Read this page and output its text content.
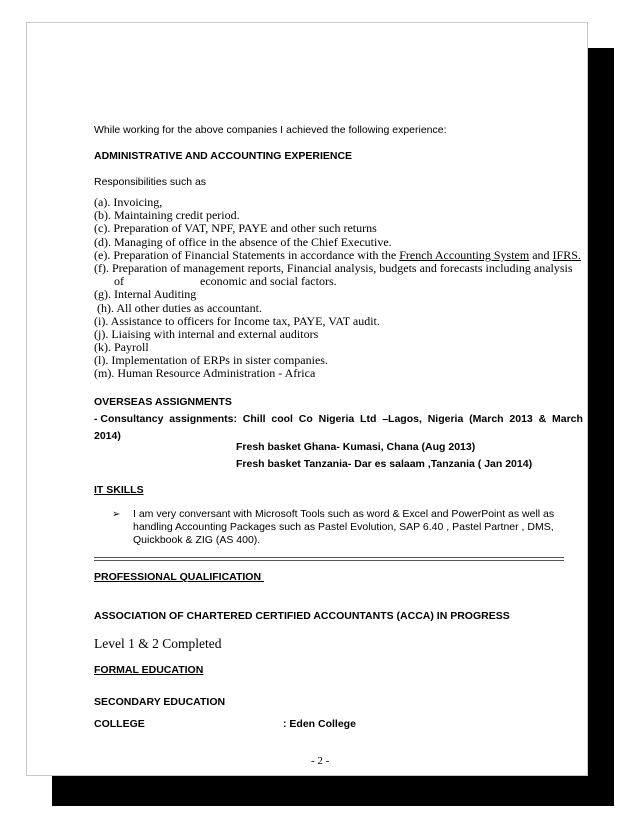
While working for the above companies I achieved the following experience:
ADMINISTRATIVE AND ACCOUNTING EXPERIENCE
Responsibilities such as
(a). Invoicing,
(b). Maintaining credit period.
(c). Preparation of VAT, NPF, PAYE and other such returns
(d). Managing of office in the absence of the Chief Executive.
(e). Preparation of Financial Statements in accordance with the French Accounting System and IFRS.
(f). Preparation of management reports, Financial analysis, budgets and forecasts including analysis
of	economic and social factors.
(g). Internal Auditing
(h). All other duties as accountant.
(i). Assistance to officers for Income tax, PAYE, VAT audit.
(j). Liaising with internal and external auditors
(k). Payroll
(l). Implementation of ERPs in sister companies.
(m). Human Resource Administration - Africa
OVERSEAS ASSIGNMENTS
- Consultancy  assignments:  Chill  cool  Co  Nigeria  Ltd  –Lagos,  Nigeria  (March  2013  &  March
2014)
Fresh basket Ghana- Kumasi, Chana (Aug 2013)
Fresh basket Tanzania- Dar es salaam ,Tanzania ( Jan 2014)
IT SKILLS
➢ I am very conversant with Microsoft Tools such as word & Excel and PowerPoint as well as
handling Accounting Packages such as Pastel Evolution, SAP 6.40 , Pastel Partner , DMS,
Quickbook & ZIG (AS 400).
PROFESSIONAL QUALIFICATION
ASSOCIATION OF CHARTERED CERTIFIED ACCOUNTANTS (ACCA) IN PROGRESS
Level 1 & 2 Completed
FORMAL EDUCATION
SECONDARY EDUCATION
COLLEGE	: Eden College
- 2 -
